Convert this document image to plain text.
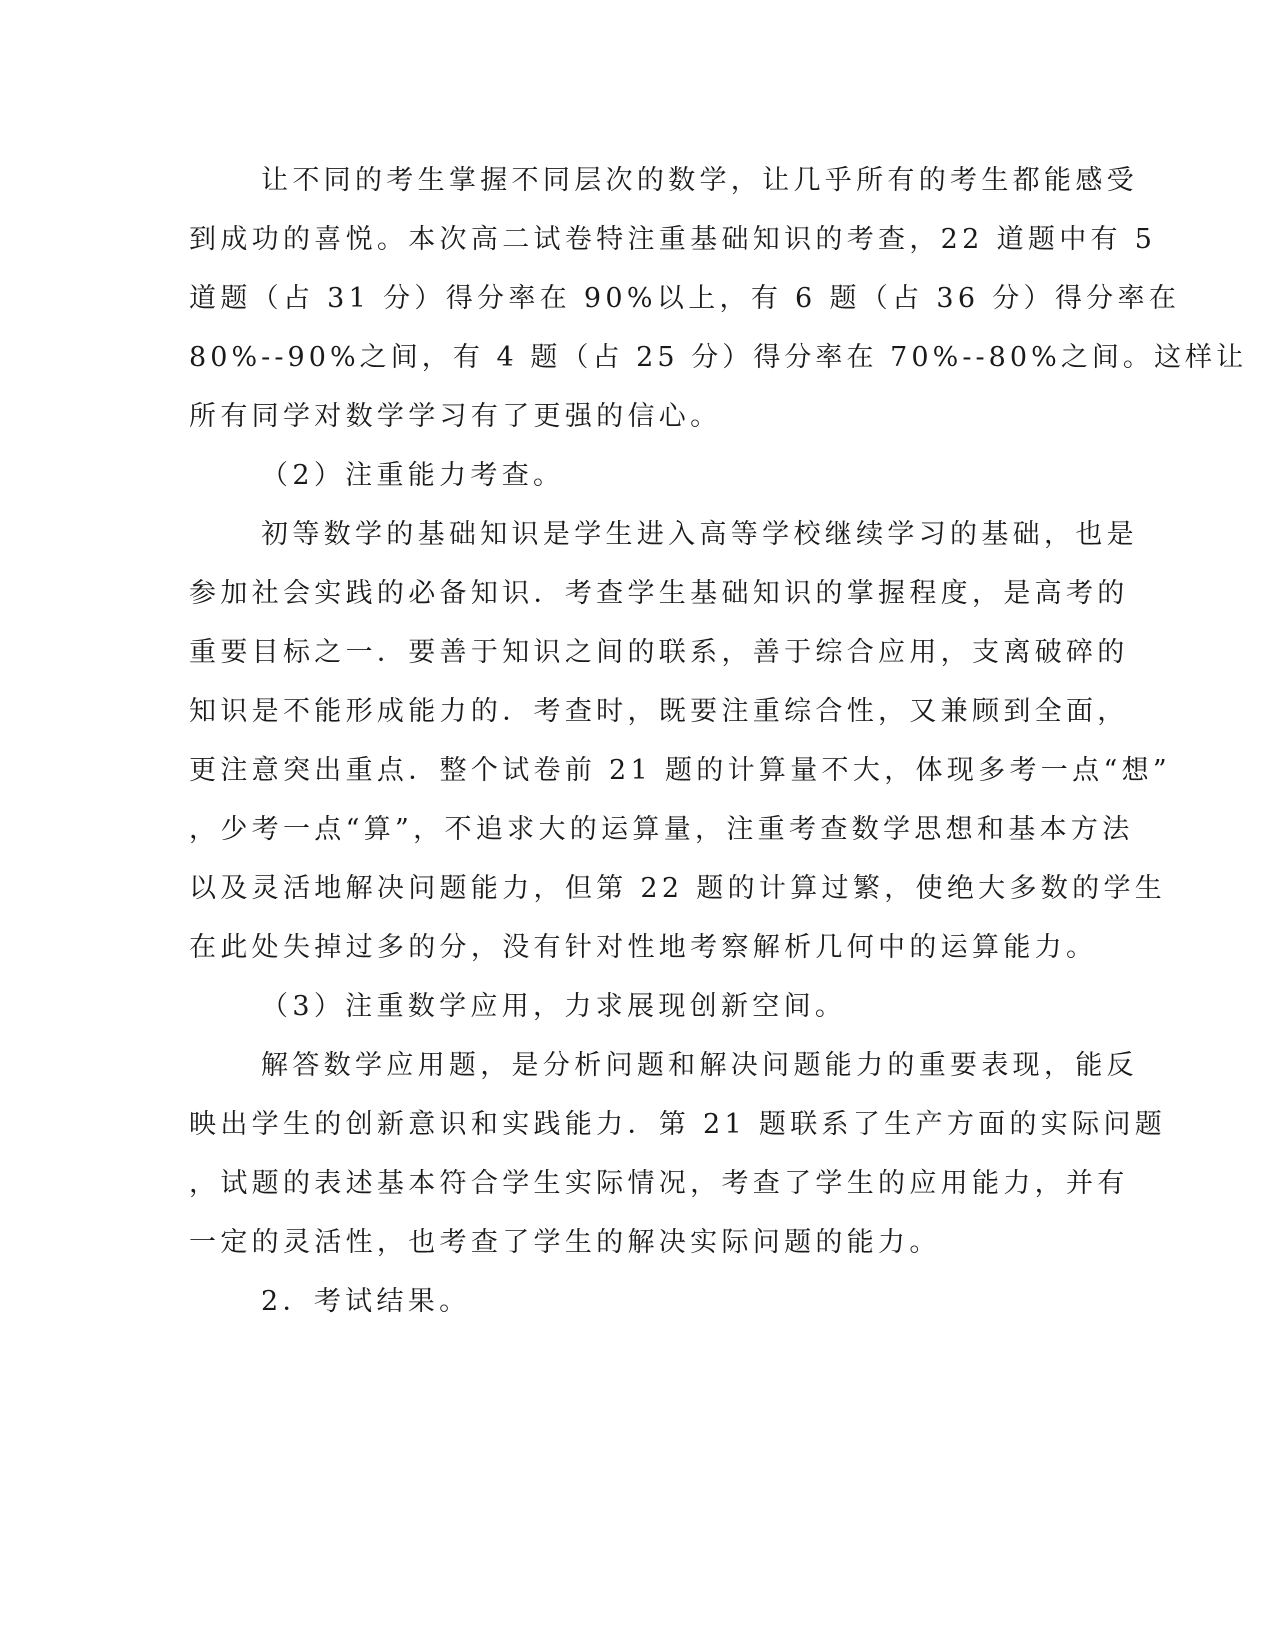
让不同的考生掌握不同层次的数学，让几乎所有的考生都能感受
到成功的喜悦。本次高二试卷特注重基础知识的考查，22 道题中有 5
道题（占 31 分）得分率在 90%以上，有 6 题（占 36 分）得分率在
80%--90%之间，有 4 题（占 25 分）得分率在 70%--80%之间。这样让
所有同学对数学学习有了更强的信心。
（2）注重能力考查。
初等数学的基础知识是学生进入高等学校继续学习的基础，也是
参加社会实践的必备知识．考查学生基础知识的掌握程度，是高考的
重要目标之一．要善于知识之间的联系，善于综合应用，支离破碎的
知识是不能形成能力的．考查时，既要注重综合性，又兼顾到全面，
更注意突出重点．整个试卷前 21 题的计算量不大，体现多考一点“想”
，少考一点“算”，不追求大的运算量，注重考查数学思想和基本方法
以及灵活地解决问题能力，但第 22 题的计算过繁，使绝大多数的学生
在此处失掉过多的分，没有针对性地考察解析几何中的运算能力。
（3）注重数学应用，力求展现创新空间。
解答数学应用题，是分析问题和解决问题能力的重要表现，能反
映出学生的创新意识和实践能力．第 21 题联系了生产方面的实际问题
，试题的表述基本符合学生实际情况，考查了学生的应用能力，并有
一定的灵活性，也考查了学生的解决实际问题的能力。
2．考试结果。
